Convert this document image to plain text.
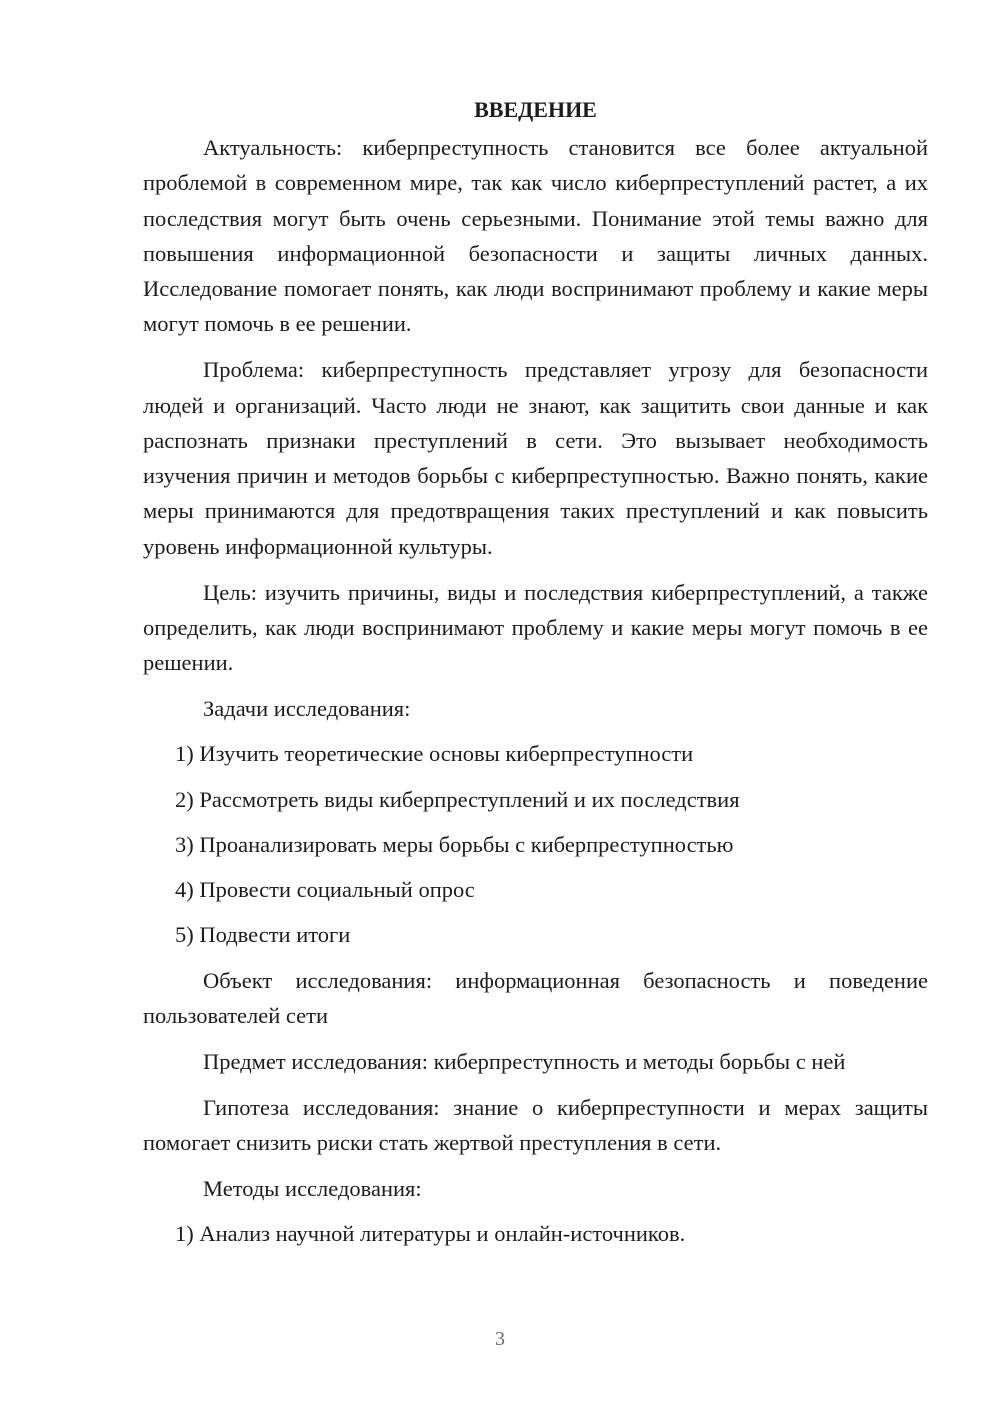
ВВЕДЕНИЕ

Актуальность: киберпреступность становится все более актуальной проблемой в современном мире, так как число киберпреступлений растет, а их последствия могут быть очень серьезными. Понимание этой темы важно для повышения информационной безопасности и защиты личных данных. Исследование помогает понять, как люди воспринимают проблему и какие меры могут помочь в ее решении.

Проблема: киберпреступность представляет угрозу для безопасности людей и организаций. Часто люди не знают, как защитить свои данные и как распознать признаки преступлений в сети. Это вызывает необходимость изучения причин и методов борьбы с киберпреступностью. Важно понять, какие меры принимаются для предотвращения таких преступлений и как повысить уровень информационной культуры.

Цель: изучить причины, виды и последствия киберпреступлений, а также определить, как люди воспринимают проблему и какие меры могут помочь в ее решении.

Задачи исследования:

1) Изучить теоретические основы киберпреступности

2) Рассмотреть виды киберпреступлений и их последствия

3) Проанализировать меры борьбы с киберпреступностью

4) Провести социальный опрос

5) Подвести итоги

Объект исследования: информационная безопасность и поведение пользователей сети

Предмет исследования: киберпреступность и методы борьбы с ней

Гипотеза исследования: знание о киберпреступности и мерах защиты помогает снизить риски стать жертвой преступления в сети.

Методы исследования:

1) Анализ научной литературы и онлайн-источников.

3
